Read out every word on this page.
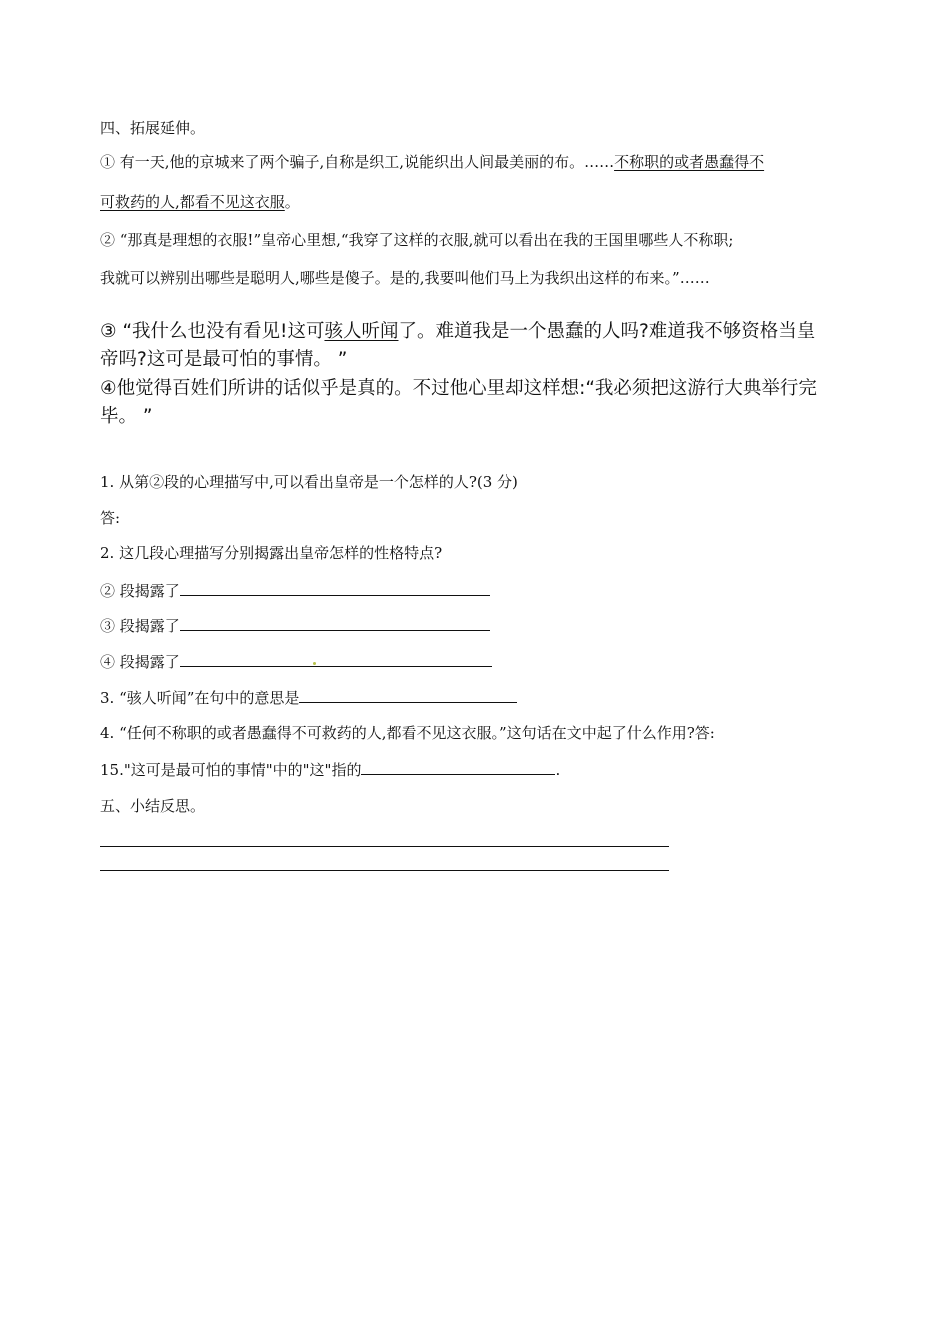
四、拓展延伸。
① 有一天,他的京城来了两个骗子,自称是织工,说能织出人间最美丽的布。……不称职的或者愚蠢得不
可救药的人,都看不见这衣服。
② “那真是理想的衣服!”皇帝心里想,“我穿了这样的衣服,就可以看出在我的王国里哪些人不称职;
我就可以辨别出哪些是聪明人,哪些是傻子。是的,我要叫他们马上为我织出这样的布来。”……
③ “我什么也没有看见!这可骇人听闻了。难道我是一个愚蠢的人吗?难道我不够资格当皇
帝吗?这可是最可怕的事情。 ”
④他觉得百姓们所讲的话似乎是真的。不过他心里却这样想:“我必须把这游行大典举行完
毕。 ”
1. 从第②段的心理描写中,可以看出皇帝是一个怎样的人?(3 分)
答:
2. 这几段心理描写分别揭露出皇帝怎样的性格特点?
② 段揭露了
③ 段揭露了
④ 段揭露了
3. “骇人听闻”在句中的意思是
4. “任何不称职的或者愚蠢得不可救药的人,都看不见这衣服。”这句话在文中起了什么作用?答:
15."这可是最可怕的事情"中的"这"指的	.
五、小结反思。
